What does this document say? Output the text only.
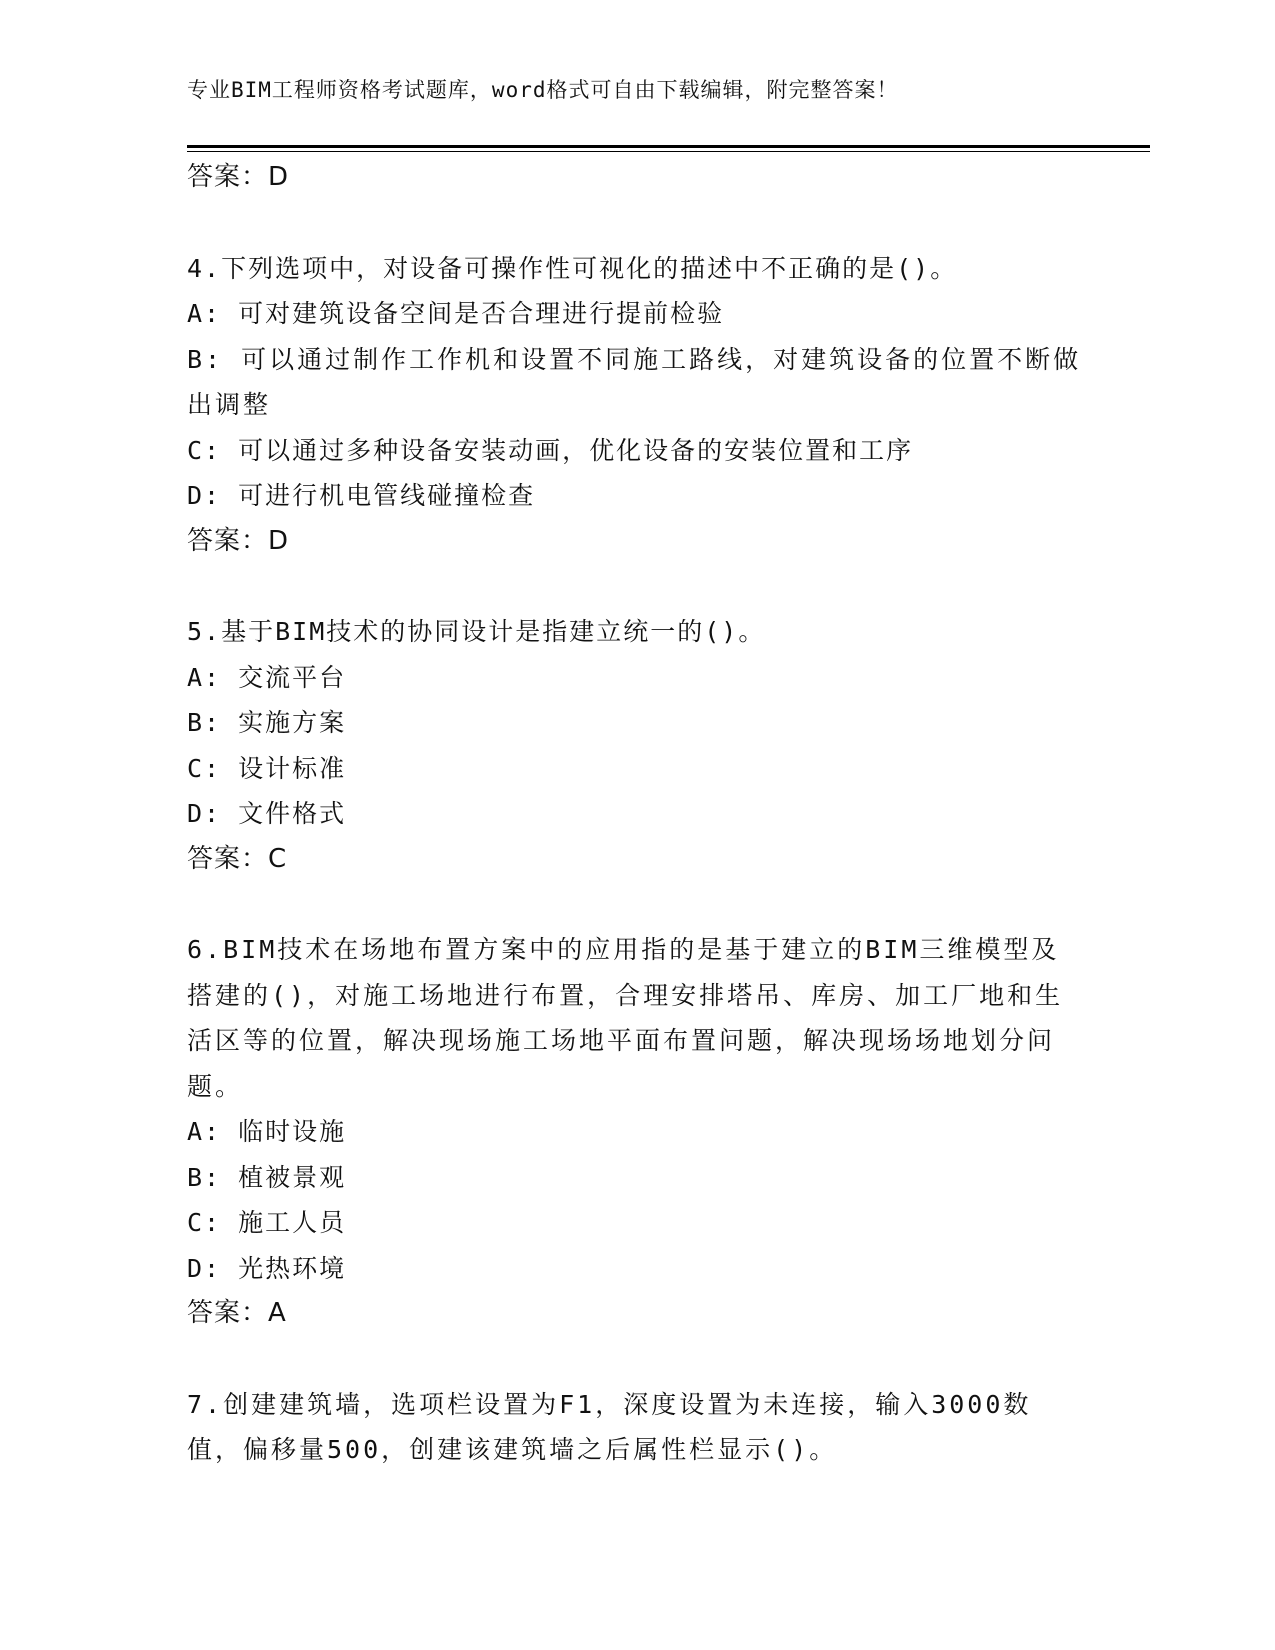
专业BIM工程师资格考试题库，word格式可自由下载编辑，附完整答案！
答案：D
4.下列选项中，对设备可操作性可视化的描述中不正确的是()。
A: 可对建筑设备空间是否合理进行提前检验
B: 可以通过制作工作机和设置不同施工路线，对建筑设备的位置不断做出调整
C: 可以通过多种设备安装动画，优化设备的安装位置和工序
D: 可进行机电管线碰撞检查
答案：D
5.基于BIM技术的协同设计是指建立统一的()。
A: 交流平台
B: 实施方案
C: 设计标准
D: 文件格式
答案：C
6.BIM技术在场地布置方案中的应用指的是基于建立的BIM三维模型及搭建的()，对施工场地进行布置，合理安排塔吊、库房、加工厂地和生活区等的位置，解决现场施工场地平面布置问题，解决现场场地划分问题。
A: 临时设施
B: 植被景观
C: 施工人员
D: 光热环境
答案：A
7.创建建筑墙，选项栏设置为F1，深度设置为未连接，输入3000数值，偏移量500，创建该建筑墙之后属性栏显示()。
